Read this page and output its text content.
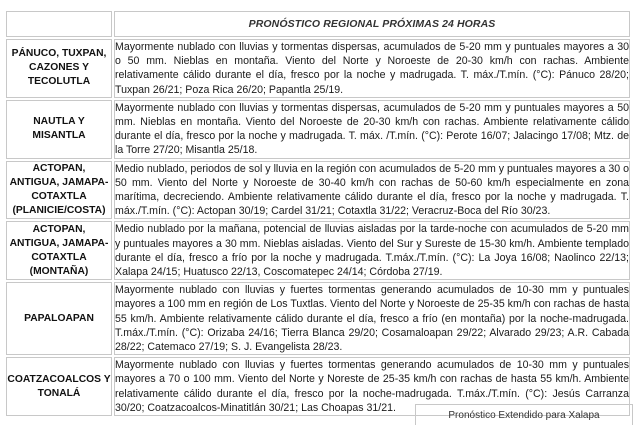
	PRONÓSTICO REGIONAL PRÓXIMAS 24 HORAS
PÁNUCO, TUXPAN, CAZONES Y TECOLUTLA	Mayormente nublado con lluvias y tormentas dispersas, acumulados de 5-20 mm y puntuales mayores a 30 o 50 mm. Nieblas en montaña. Viento del Norte y Noroeste de 20-30 km/h con rachas. Ambiente relativamente cálido durante el día, fresco por la noche y madrugada. T. máx./T.mín. (°C): Pánuco 28/20; Tuxpan 26/21; Poza Rica 26/20; Papantla 25/19.
NAUTLA Y MISANTLA	Mayormente nublado con lluvias y tormentas dispersas, acumulados de 5-20 mm y puntuales mayores a 50 mm. Nieblas en montaña. Viento del Noroeste de 20-30 km/h con rachas. Ambiente relativamente cálido durante el día, fresco por la noche y madrugada. T. máx. /T.mín. (°C): Perote 16/07; Jalacingo 17/08; Mtz. de la Torre 27/20; Misantla 25/18.
ACTOPAN, ANTIGUA, JAMAPA-COTAXTLA (PLANICIE/COSTA)	Medio nublado, periodos de sol y lluvia en la región con acumulados de 5-20 mm y puntuales mayores a 30 o 50 mm. Viento del Norte y Noroeste de 30-40 km/h con rachas de 50-60 km/h especialmente en zona marítima, decreciendo. Ambiente relativamente cálido durante el día, fresco por la noche y madrugada. T. máx./T.mín. (°C): Actopan 30/19; Cardel 31/21; Cotaxtla 31/22; Veracruz-Boca del Río 30/23.
ACTOPAN, ANTIGUA, JAMAPA-COTAXTLA (MONTAÑA)	Medio nublado por la mañana, potencial de lluvias aisladas por la tarde-noche con acumulados de 5-20 mm y puntuales mayores a 30 mm. Nieblas aisladas. Viento del Sur y Sureste de 15-30 km/h. Ambiente templado durante el día, fresco a frío por la noche y madrugada. T.máx./T.mín. (°C): La Joya 16/08; Naolinco 22/13; Xalapa 24/15; Huatusco 22/13, Coscomatepec 24/14; Córdoba 27/19.
PAPALOAPAN	Mayormente nublado con lluvias y fuertes tormentas generando acumulados de 10-30 mm y puntuales mayores a 100 mm en región de Los Tuxtlas. Viento del Norte y Noroeste de 25-35 km/h con rachas de hasta 55 km/h. Ambiente relativamente cálido durante el día, fresco a frío (en montaña) por la noche-madrugada. T.máx./T.mín. (°C): Orizaba 24/16; Tierra Blanca 29/20; Cosamaloapan 29/22; Alvarado 29/23; A.R. Cabada 28/22; Catemaco 27/19; S. J. Evangelista 28/23.
COATZACOALCOS Y TONALÁ	Mayormente nublado con lluvias y fuertes tormentas generando acumulados de 10-30 mm y puntuales mayores a 70 o 100 mm. Viento del Norte y Noreste de 25-35 km/h con rachas de hasta 55 km/h. Ambiente relativamente cálido durante el día, fresco por la noche-madrugada. T.máx./T.mín. (°C): Jesús Carranza 30/20; Coatzacoalcos-Minatitlán 30/21; Las Choapas 31/21.
Pronóstico Extendido para Xalapa
